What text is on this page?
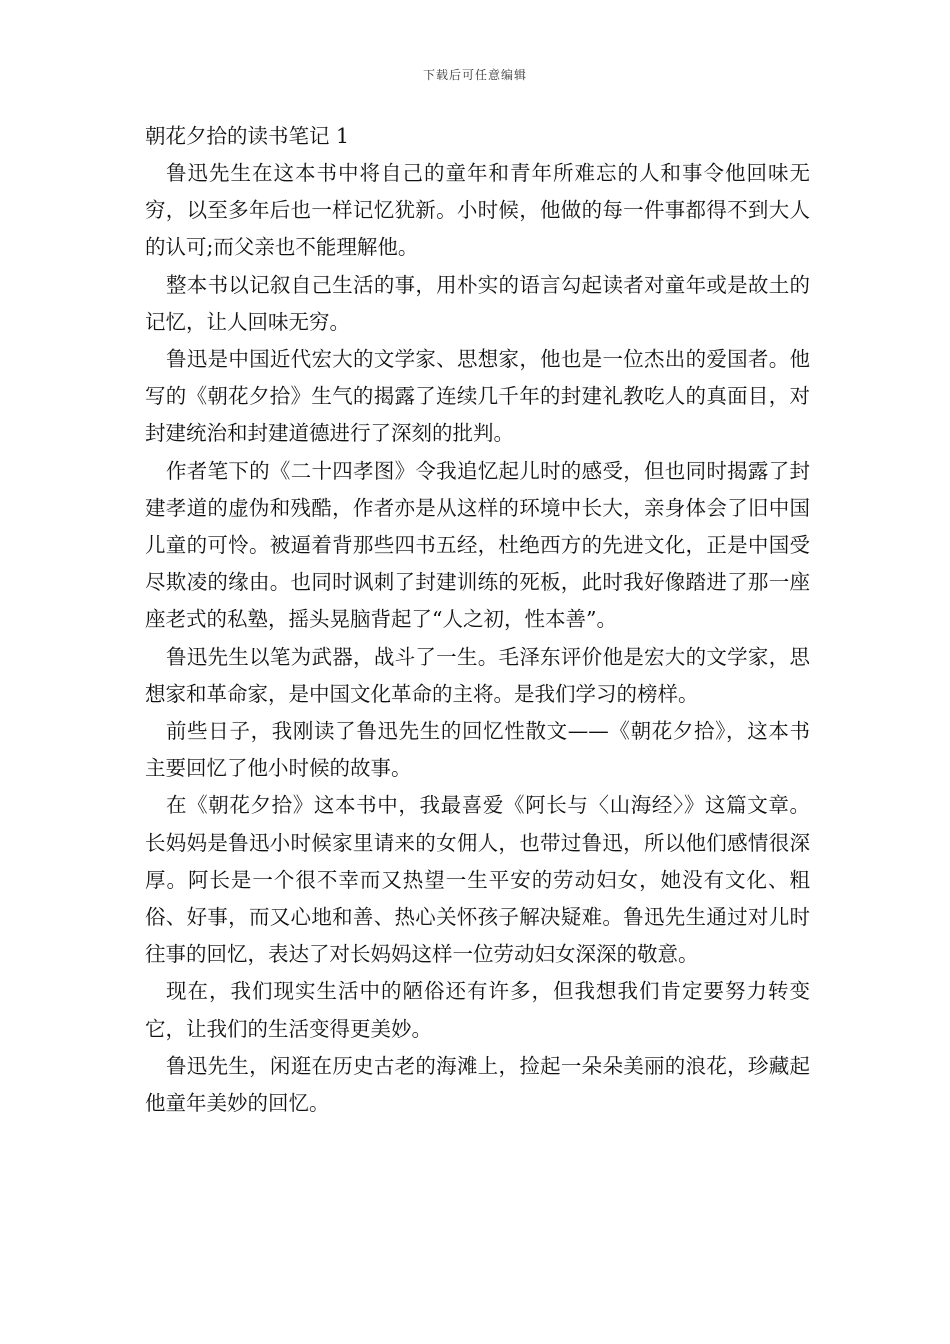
下载后可任意编辑
朝花夕拾的读书笔记 1

鲁迅先生在这本书中将自己的童年和青年所难忘的人和事令他回味无穷，以至多年后也一样记忆犹新。小时候，他做的每一件事都得不到大人的认可;而父亲也不能理解他。

整本书以记叙自己生活的事，用朴实的语言勾起读者对童年或是故土的记忆，让人回味无穷。

鲁迅是中国近代宏大的文学家、思想家，他也是一位杰出的爱国者。他写的《朝花夕拾》生气的揭露了连续几千年的封建礼教吃人的真面目，对封建统治和封建道德进行了深刻的批判。

作者笔下的《二十四孝图》令我追忆起儿时的感受，但也同时揭露了封建孝道的虚伪和残酷，作者亦是从这样的环境中长大，亲身体会了旧中国儿童的可怜。被逼着背那些四书五经，杜绝西方的先进文化，正是中国受尽欺凌的缘由。也同时讽刺了封建训练的死板，此时我好像踏进了那一座座老式的私塾，摇头晃脑背起了“人之初，性本善”。

鲁迅先生以笔为武器，战斗了一生。毛泽东评价他是宏大的文学家，思想家和革命家，是中国文化革命的主将。是我们学习的榜样。

前些日子，我刚读了鲁迅先生的回忆性散文——《朝花夕拾》，这本书主要回忆了他小时候的故事。

在《朝花夕拾》这本书中，我最喜爱《阿长与〈山海经〉》这篇文章。长妈妈是鲁迅小时候家里请来的女佣人，也带过鲁迅，所以他们感情很深厚。阿长是一个很不幸而又热望一生平安的劳动妇女，她没有文化、粗俗、好事，而又心地和善、热心关怀孩子解决疑难。鲁迅先生通过对儿时往事的回忆，表达了对长妈妈这样一位劳动妇女深深的敬意。

现在，我们现实生活中的陋俗还有许多，但我想我们肯定要努力转变它，让我们的生活变得更美妙。

鲁迅先生，闲逛在历史古老的海滩上，捡起一朵朵美丽的浪花，珍藏起他童年美妙的回忆。
